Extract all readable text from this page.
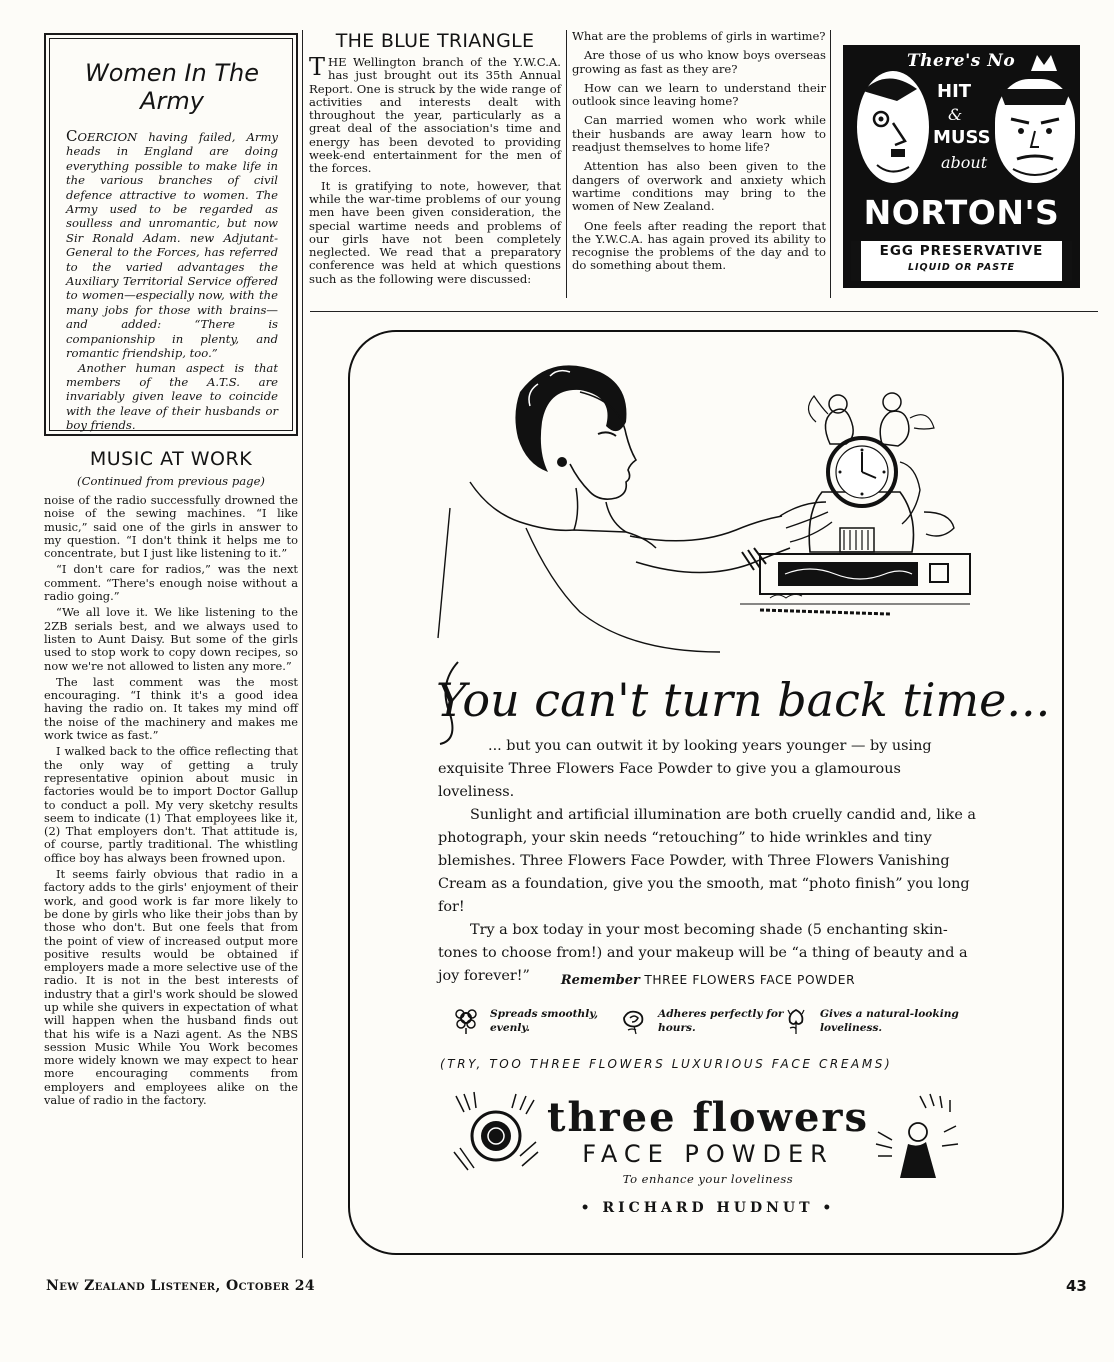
Women In The Army

COERCION having failed, Army heads in England are doing everything possible to make life in the various branches of civil defence attractive to women. The Army used to be regarded as soulless and unromantic, but now Sir Ronald Adam. new Adjutant-General to the Forces, has referred to the varied advantages the Auxiliary Territorial Service offered to women—especially now, with the many jobs for those with brains—and added: “There is companionship in plenty, and romantic friendship, too.”

Another human aspect is that members of the A.T.S. are invariably given leave to coincide with the leave of their husbands or boy friends.

MUSIC AT WORK
(Continued from previous page)

noise of the radio successfully drowned the noise of the sewing machines. “I like music,” said one of the girls in answer to my question. “I don't think it helps me to concentrate, but I just like listening to it.”

“I don't care for radios,” was the next comment. “There's enough noise without a radio going.”

“We all love it. We like listening to the 2ZB serials best, and we always used to listen to Aunt Daisy. But some of the girls used to stop work to copy down recipes, so now we're not allowed to listen any more.”

The last comment was the most encouraging. “I think it's a good idea having the radio on. It takes my mind off the noise of the machinery and makes me work twice as fast.”

I walked back to the office reflecting that the only way of getting a truly representative opinion about music in factories would be to import Doctor Gallup to conduct a poll. My very sketchy results seem to indicate (1) That employees like it, (2) That employers don't. That attitude is, of course, partly traditional. The whistling office boy has always been frowned upon.

It seems fairly obvious that radio in a factory adds to the girls' enjoyment of their work, and good work is far more likely to be done by girls who like their jobs than by those who don't. But one feels that from the point of view of increased output more positive results would be obtained if employers made a more selective use of the radio. It is not in the best interests of industry that a girl's work should be slowed up while she quivers in expectation of what will happen when the husband finds out that his wife is a Nazi agent. As the NBS session Music While You Work becomes more widely known we may expect to hear more encouraging comments from employers and employees alike on the value of radio in the factory.

THE BLUE TRIANGLE

THE Wellington branch of the Y.W.C.A. has just brought out its 35th Annual Report. One is struck by the wide range of activities and interests dealt with throughout the year, particularly as a great deal of the association's time and energy has been devoted to providing week-end entertainment for the men of the forces.

It is gratifying to note, however, that while the war-time problems of our young men have been given consideration, the special wartime needs and problems of our girls have not been completely neglected. We read that a preparatory conference was held at which questions such as the following were discussed:

What are the problems of girls in wartime?

Are those of us who know boys overseas growing as fast as they are?

How can we learn to understand their outlook since leaving home?

Can married women who work while their husbands are away learn how to readjust themselves to home life?

Attention has also been given to the dangers of overwork and anxiety which wartime conditions may bring to the women of New Zealand.

One feels after reading the report that the Y.W.C.A. has again proved its ability to recognise the problems of the day and to do something about them.

There's No
HIT
&
MUSS
about
NORTON'S
EGG PRESERVATIVE
LIQUID OR PASTE
You can't turn back time...

... but you can outwit it by looking years younger — by using exquisite Three Flowers Face Powder to give you a glamourous loveliness.

Sunlight and artificial illumination are both cruelly candid and, like a photograph, your skin needs “retouching” to hide wrinkles and tiny blemishes. Three Flowers Face Powder, with Three Flowers Vanishing Cream as a foundation, give you the smooth, mat “photo finish” you long for!

Try a box today in your most becoming shade (5 enchanting skin-tones to choose from!) and your makeup will be “a thing of beauty and a joy forever!”	Remember THREE FLOWERS FACE POWDER
Spreads smoothly, evenly.
Adheres perfectly for hours.
Gives a natural-looking loveliness.
(TRY, TOO THREE FLOWERS LUXURIOUS FACE CREAMS)
three flowers
FACE POWDER
To enhance your loveliness
• RICHARD HUDNUT •
New Zealand Listener, October 24	43
